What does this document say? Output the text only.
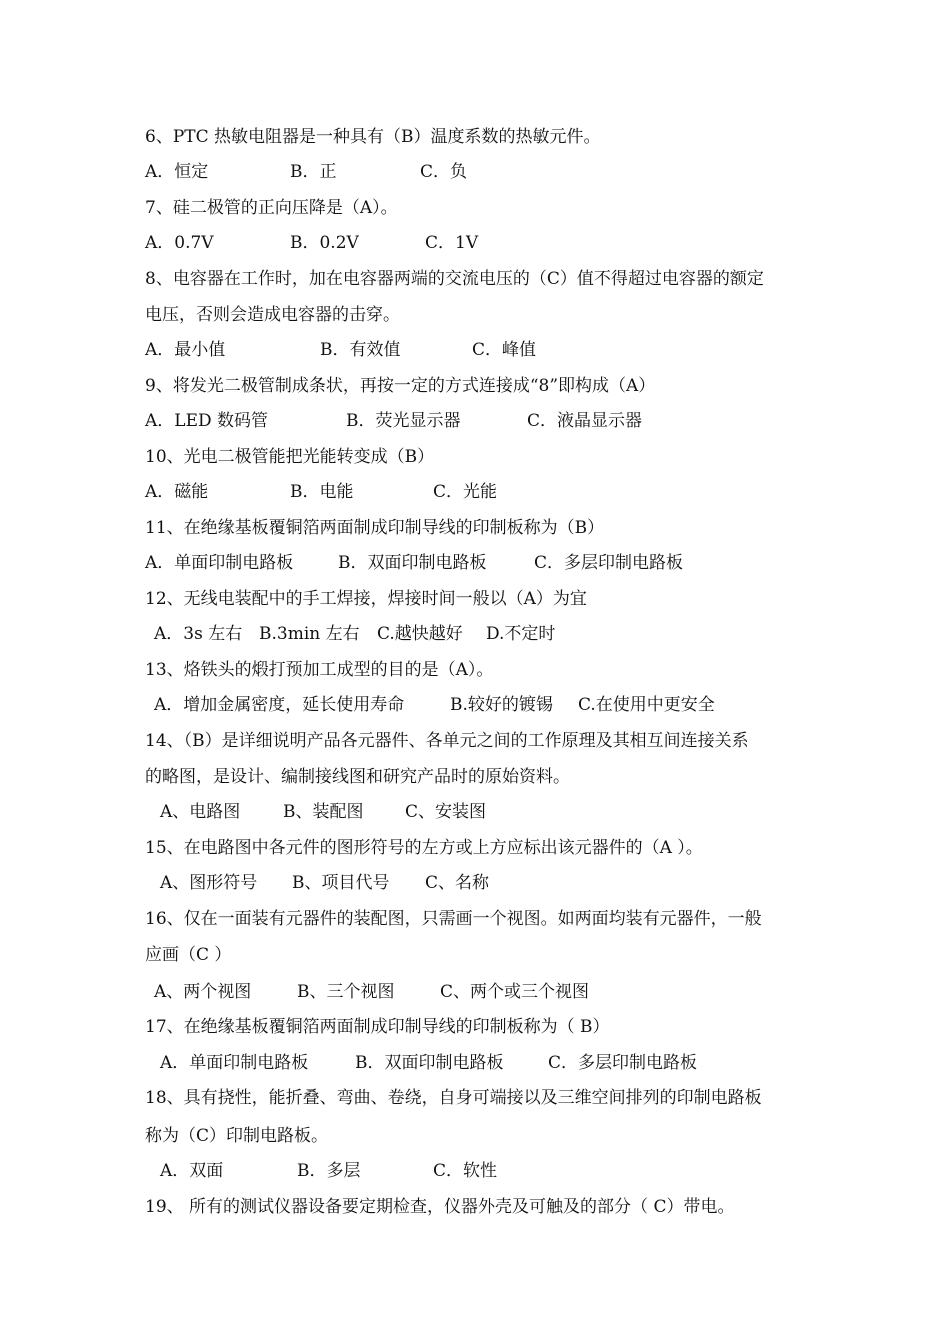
6、PTC 热敏电阻器是一种具有（B）温度系数的热敏元件。
A．恒定	B．正	C．负
7、硅二极管的正向压降是（A）。
A．0.7V	B．0.2V	C．1V
8、电容器在工作时，加在电容器两端的交流电压的（C）值不得超过电容器的额定
电压，否则会造成电容器的击穿。
A．最小值	B．有效值	C．峰值
9、将发光二极管制成条状，再按一定的方式连接成“8”即构成（A）
A．LED 数码管	B．荧光显示器	C．液晶显示器
10、光电二极管能把光能转变成（B）
A．磁能	B．电能	C．光能
11、在绝缘基板覆铜箔两面制成印制导线的印制板称为（B）
A．单面印制电路板	B．双面印制电路板	C．多层印制电路板
12、无线电装配中的手工焊接，焊接时间一般以（A）为宜
A．3s 左右 B.3min 左右 C.越快越好 D.不定时
13、烙铁头的煅打预加工成型的目的是（A）。
A．增加金属密度，延长使用寿命	B.较好的镀锡 C.在使用中更安全
14、（B）是详细说明产品各元器件、各单元之间的工作原理及其相互间连接关系
的略图，是设计、编制接线图和研究产品时的原始资料。
A、电路图	B、装配图 C、安装图
15、在电路图中各元件的图形符号的左方或上方应标出该元器件的（A ）。
A、图形符号 B、项目代号 C、名称
16、仅在一面装有元器件的装配图，只需画一个视图。如两面均装有元器件，一般
应画（C ）
A、两个视图	B、三个视图	C、两个或三个视图
17、在绝缘基板覆铜箔两面制成印制导线的印制板称为（ B）
A．单面印制电路板	B．双面印制电路板	C．多层印制电路板
18、具有挠性，能折叠、弯曲、卷绕，自身可端接以及三维空间排列的印制电路板
称为（C）印制电路板。
A．双面	B．多层	C．软性
19、 所有的测试仪器设备要定期检查，仪器外壳及可触及的部分（ C）带电。
